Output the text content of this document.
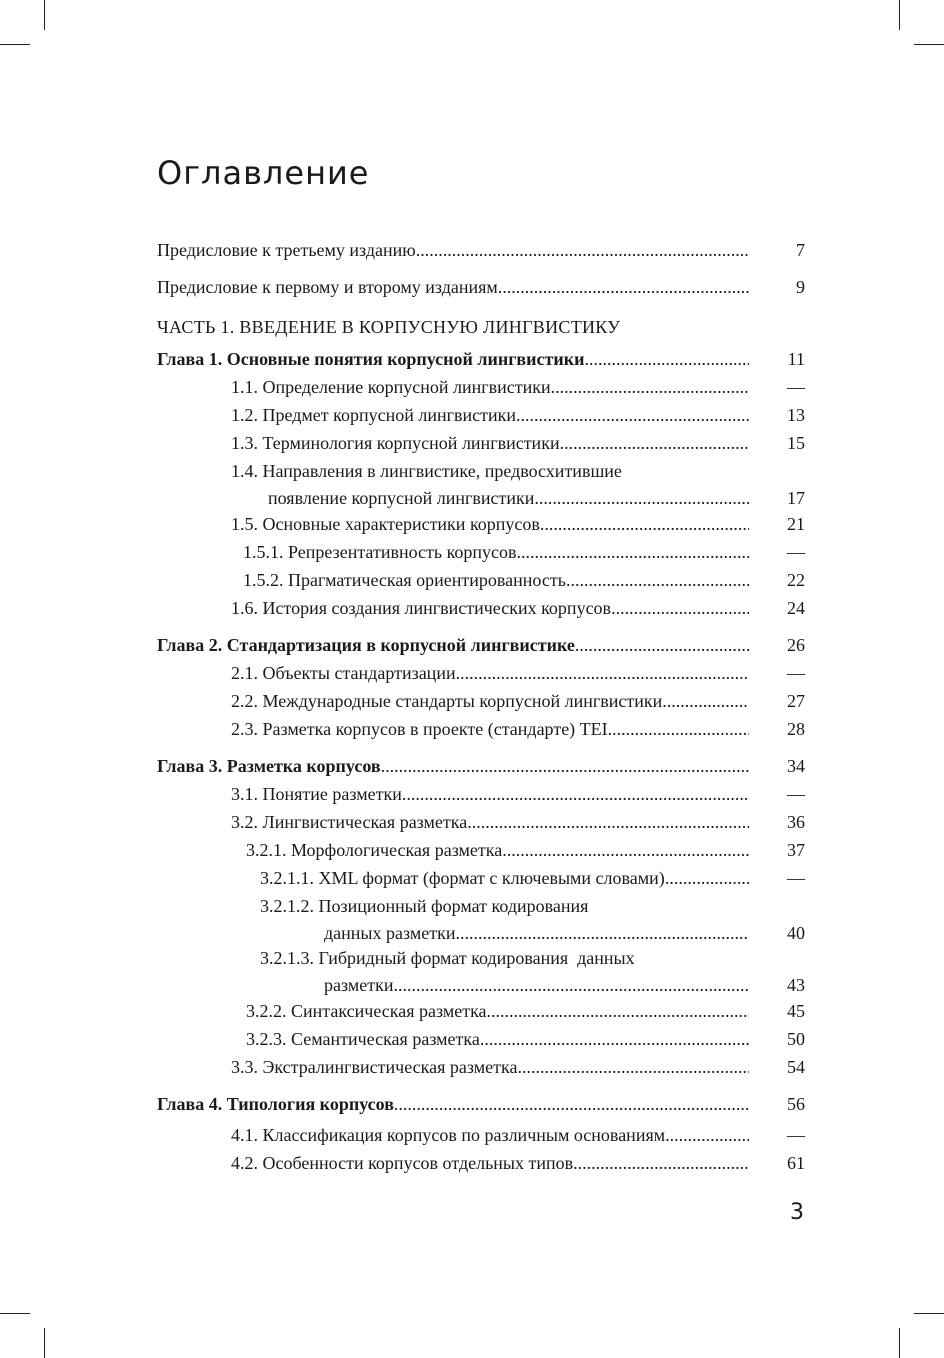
Оглавление
Предисловие к третьему изданию .....	7
Предисловие к первому и второму изданиям .....	9
ЧАСТЬ 1. ВВЕДЕНИЕ В КОРПУСНУЮ ЛИНГВИСТИКУ
Глава 1. Основные понятия корпусной лингвистики .....	11
1.1. Определение корпусной лингвистики .....	—
1.2. Предмет корпусной лингвистики .....	13
1.3. Терминология корпусной лингвистики .....	15
1.4. Направления в лингвистике, предвосхитившие
появление корпусной лингвистики .....	17
1.5. Основные характеристики корпусов .....	21
1.5.1. Репрезентативность корпусов .....	—
1.5.2. Прагматическая ориентированность .....	22
1.6. История создания лингвистических корпусов .....	24
Глава 2. Стандартизация в корпусной лингвистике .....	26
2.1. Объекты стандартизации .....	—
2.2. Международные стандарты корпусной лингвистики .....	27
2.3. Разметка корпусов в проекте (стандарте) TEI .....	28
Глава 3. Разметка корпусов .....	34
3.1. Понятие разметки .....	—
3.2. Лингвистическая разметка .....	36
3.2.1. Морфологическая разметка .....	37
3.2.1.1. XML формат (формат с ключевыми словами) .....	—
3.2.1.2. Позиционный формат кодирования
данных разметки .....	40
3.2.1.3. Гибридный формат кодирования  данных
разметки .....	43
3.2.2. Синтаксическая разметка .....	45
3.2.3. Семантическая разметка .....	50
3.3. Экстралингвистическая разметка .....	54
Глава 4. Типология корпусов .....	56
4.1. Классификация корпусов по различным основаниям .....	—
4.2. Особенности корпусов отдельных типов .....	61
3
